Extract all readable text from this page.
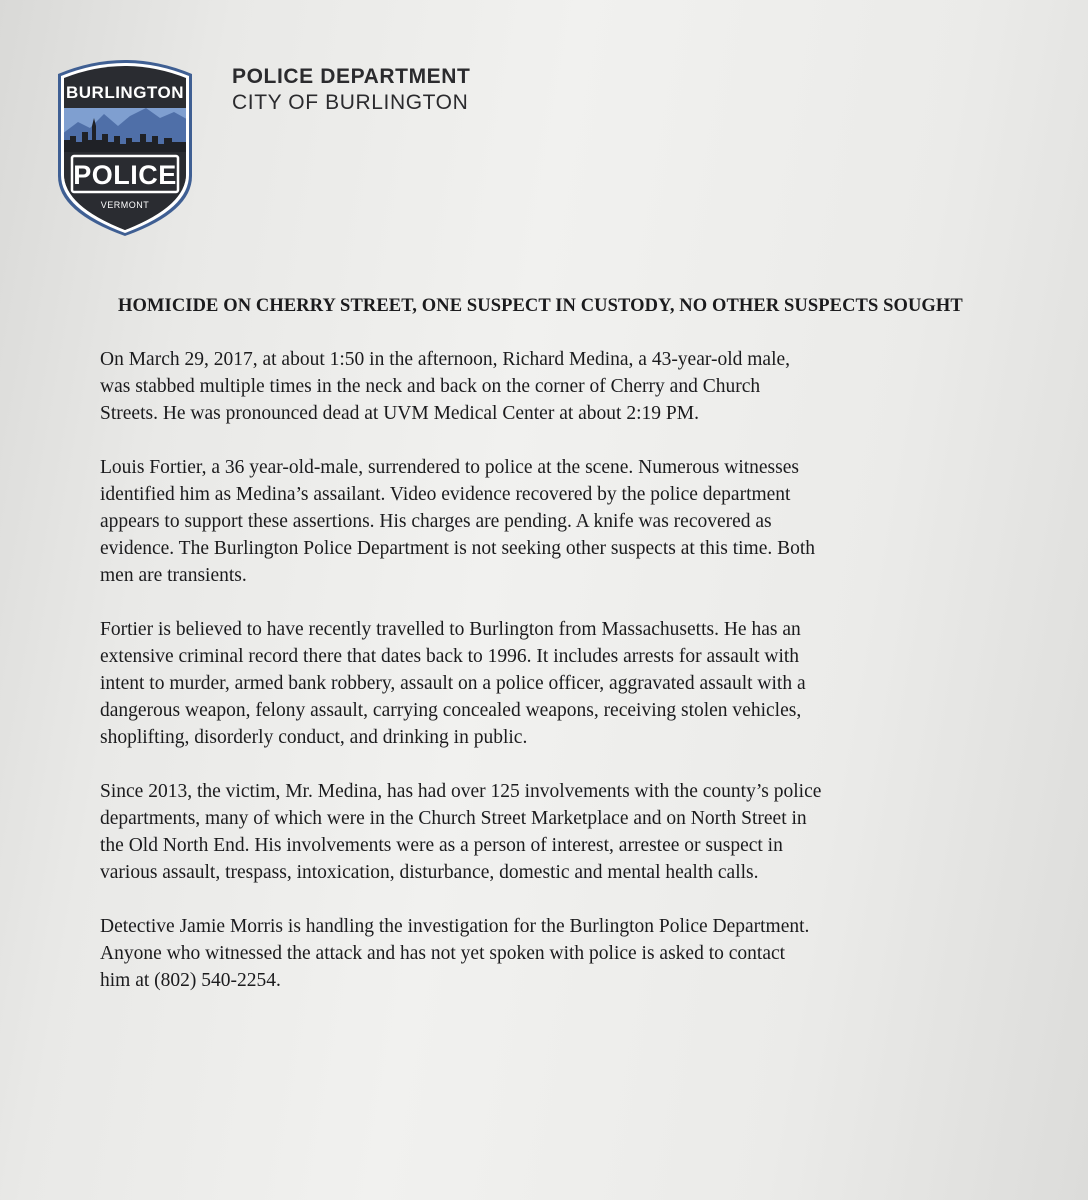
BURLINGTON
POLICE
VERMONT
POLICE DEPARTMENT
CITY OF BURLINGTON
HOMICIDE ON CHERRY STREET, ONE SUSPECT IN CUSTODY, NO OTHER SUSPECTS SOUGHT

On March 29, 2017, at about 1:50 in the afternoon, Richard Medina, a 43-year-old male,
was stabbed multiple times in the neck and back on the corner of Cherry and Church
Streets. He was pronounced dead at UVM Medical Center at about 2:19 PM.

Louis Fortier, a 36 year-old-male, surrendered to police at the scene. Numerous witnesses
identified him as Medina’s assailant. Video evidence recovered by the police department
appears to support these assertions. His charges are pending. A knife was recovered as
evidence. The Burlington Police Department is not seeking other suspects at this time. Both
men are transients.

Fortier is believed to have recently travelled to Burlington from Massachusetts. He has an
extensive criminal record there that dates back to 1996. It includes arrests for assault with
intent to murder, armed bank robbery, assault on a police officer, aggravated assault with a
dangerous weapon, felony assault, carrying concealed weapons, receiving stolen vehicles,
shoplifting, disorderly conduct, and drinking in public.

Since 2013, the victim, Mr. Medina, has had over 125 involvements with the county’s police
departments, many of which were in the Church Street Marketplace and on North Street in
the Old North End. His involvements were as a person of interest, arrestee or suspect in
various assault, trespass, intoxication, disturbance, domestic and mental health calls.

Detective Jamie Morris is handling the investigation for the Burlington Police Department.
Anyone who witnessed the attack and has not yet spoken with police is asked to contact
him at (802) 540-2254.
